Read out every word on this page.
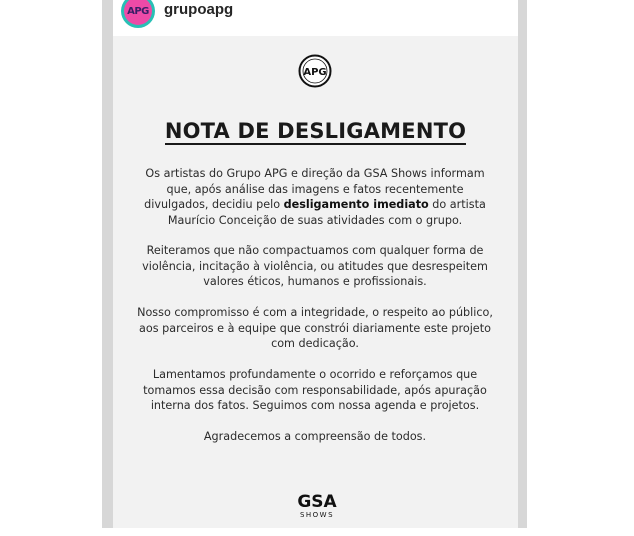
APG grupoapg
APG
NOTA DE DESLIGAMENTO
Os artistas do Grupo APG e direção da GSA Shows informam que, após análise das imagens e fatos recentemente divulgados, decidiu pelo desligamento imediato do artista Maurício Conceição de suas atividades com o grupo.
Reiteramos que não compactuamos com qualquer forma de violência, incitação à violência, ou atitudes que desrespeitem valores éticos, humanos e profissionais.
Nosso compromisso é com a integridade, o respeito ao público, aos parceiros e à equipe que constrói diariamente este projeto com dedicação.
Lamentamos profundamente o ocorrido e reforçamos que tomamos essa decisão com responsabilidade, após apuração interna dos fatos. Seguimos com nossa agenda e projetos.
Agradecemos a compreensão de todos.
GSA
SHOWS
